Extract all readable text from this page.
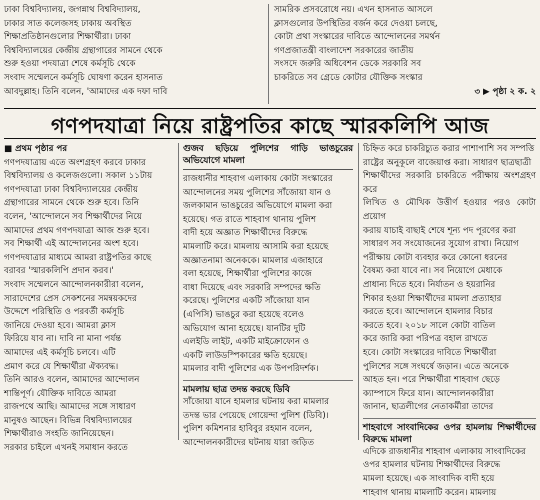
ঢাকা বিশ্ববিদ্যালয়, জগন্নাথ বিশ্ববিদ্যালয়,

ঢাকার সাত কলেজসহ ঢাকায় অবস্থিত

শিক্ষাপ্রতিষ্ঠানগুলোর শিক্ষার্থীরা। ঢাকা

বিশ্ববিদ্যালয়ের কেন্দ্রীয় গ্রন্থাগারের সামনে থেকে

শুরু হওয়া পদযাত্রা শেষে কর্মসূচি থেকে

সংবাদ সম্মেলনে কর্মসূচি ঘোষণা করেন হাসনাত

আবদুল্লাহ। তিনি বলেন, 'আমাদের এক দফা দাবি

সামরিক প্রসবরোধে নয়। এখন হাসনাত আসলে

ক্লাসগুলোর উপস্থিতির বর্জন করে দেওয়া চলছে,

কোটা প্রথা সংস্কারের দাবিতে আন্দোলনের সমর্থন

গণপ্রজাতন্ত্রী বাংলাদেশ সরকারের জাতীয়

সংসদে জরুরি অধিবেশন ডেকে সরকারি সব

চাকরিতে সব গ্রেডে কোটার যৌক্তিক সংস্কার

৩ ▶ পৃষ্ঠা ২ ক. ২

গণপদযাত্রা নিয়ে রাষ্ট্রপতির কাছে স্মারকলিপি আজ

■ প্রথম পৃষ্ঠার পর

গণপদযাত্রায় এতে অংশগ্রহণ করবে ঢাকার

বিশ্ববিদ্যালয় ও কলেজগুলো। সকাল ১১টায়

গণপদযাত্রা ঢাকা বিশ্ববিদ্যালয়ের কেন্দ্রীয়

গ্রন্থাগারের সামনে থেকে শুরু হবে। তিনি

বলেন, 'আন্দোলনে সব শিক্ষার্থীদের নিয়ে

আমাদের প্রথম গণপদযাত্রা আজ শুরু হবে।

সব শিক্ষার্থী এই আন্দোলনের অংশ হবে।

গণপদযাত্রার মাধ্যমে আমরা রাষ্ট্রপতির কাছে

বরাবর 'স্মারকলিপি প্রদান করব।'

সংবাদ সম্মেলনে আন্দোলনকারীরা বলেন,

সারাদেশের প্রেস সেকশনের সমন্বয়কদের

উদ্দেশে পরিস্থিতি ও পরবর্তী কর্মসূচি

জানিয়ে দেওয়া হবে। আমরা ক্লাস

ফিরিয়ে যাব না। দাবি না মানা পর্যন্ত

আমাদের এই কর্মসূচি চলবে। এটি

প্রমাণ করে যে শিক্ষার্থীরা ঐক্যবদ্ধ।

তিনি আরও বলেন, আমাদের আন্দোলন

শান্তিপূর্ণ। যৌক্তিক দাবিতে আমরা

রাজপথে আছি। আমাদের সঙ্গে সাধারণ

মানুষও আছেন। বিভিন্ন বিশ্ববিদ্যালয়ের

শিক্ষার্থীরাও সংহতি জানিয়েছেন।

সরকার চাইলে এখনই সমাধান করতে

গুজব ছড়িয়ে পুলিশের গাড়ি ভাঙচুরের অভিযোগে মামলা

রাজধানীর শাহবাগ এলাকায় কোটা সংস্কারের

আন্দোলনের সময় পুলিশের সাঁজোয়া যান ও

জলকামান ভাঙচুরের অভিযোগে মামলা করা

হয়েছে। গত রাতে শাহবাগ থানায় পুলিশ

বাদী হয়ে অজ্ঞাত শিক্ষার্থীদের বিরুদ্ধে

মামলাটি করে। মামলায় আসামি করা হয়েছে

অজ্ঞাতনামা অনেককে। মামলার এজাহারে

বলা হয়েছে, শিক্ষার্থীরা পুলিশের কাজে

বাধা দিয়েছে এবং সরকারি সম্পদের ক্ষতি

করেছে। পুলিশের একটি সাঁজোয়া যান

(এপিসি) ভাঙচুর করা হয়েছে বলেও

অভিযোগ আনা হয়েছে। যানটির দুটি

এলইডি লাইট, একটি মাইক্রোফোন ও

একটি লাউডস্পিকারের ক্ষতি হয়েছে।

মামলার বাদী পুলিশের এক উপপরিদর্শক।

মামলায় ছাত্র তদন্ত করছে ডিবি

সাঁজোয়া যানে হামলার ঘটনায় করা মামলার

তদন্ত ভার পেয়েছে গোয়েন্দা পুলিশ (ডিবি)।

পুলিশ কমিশনার হাবিবুর রহমান বলেন,

আন্দোলনকারীদের ঘটনায় যারা জড়িত

চিহ্নিত করে চাকরিচ্যুত করার পাশাপাশি সব সম্পত্তি

রাষ্ট্রের অনুকূলে বাজেয়াপ্ত করা। সাধারণ ছাত্রছাত্রী

শিক্ষার্থীদের সরকারি চাকরিতে পরীক্ষায় অংশগ্রহণ করে

লিখিত ও মৌখিক উত্তীর্ণ হওয়ার পরও কোটা প্রয়োগ

করায় যাচাই বাছাই শেষে শূন্য পদ পূরণের করা

সাধারণ সব সংযোজনের সুযোগ রাখা। নিয়োগ

পরীক্ষায় কোটা ব্যবহার করে কোনো ধরনের

বৈষম্য করা যাবে না। সব নিয়োগে মেধাকে

প্রাধান্য দিতে হবে। নির্যাতন ও হয়রানির

শিকার হওয়া শিক্ষার্থীদের মামলা প্রত্যাহার

করতে হবে। আন্দোলনে হামলার বিচার

করতে হবে। ২০১৮ সালে কোটা বাতিল

করে জারি করা পরিপত্র বহাল রাখতে

হবে। কোটা সংস্কারের দাবিতে শিক্ষার্থীরা

পুলিশের সঙ্গে সংঘর্ষে জড়ান। এতে অনেকে

আহত হন। পরে শিক্ষার্থীরা শাহবাগ ছেড়ে

ক্যাম্পাসে ফিরে যান। আন্দোলনকারীরা

জানান, ছাত্রলীগের নেতাকর্মীরা তাদের

শাহবাগে সাংবাদিকের ওপর হামলায় শিক্ষার্থীদের বিরুদ্ধে মামলা

এদিকে রাজধানীর শাহবাগ এলাকায় সাংবাদিকের

ওপর হামলার ঘটনায় শিক্ষার্থীদের বিরুদ্ধে

মামলা হয়েছে। এক সাংবাদিক বাদী হয়ে

শাহবাগ থানায় মামলাটি করেন। মামলায়
